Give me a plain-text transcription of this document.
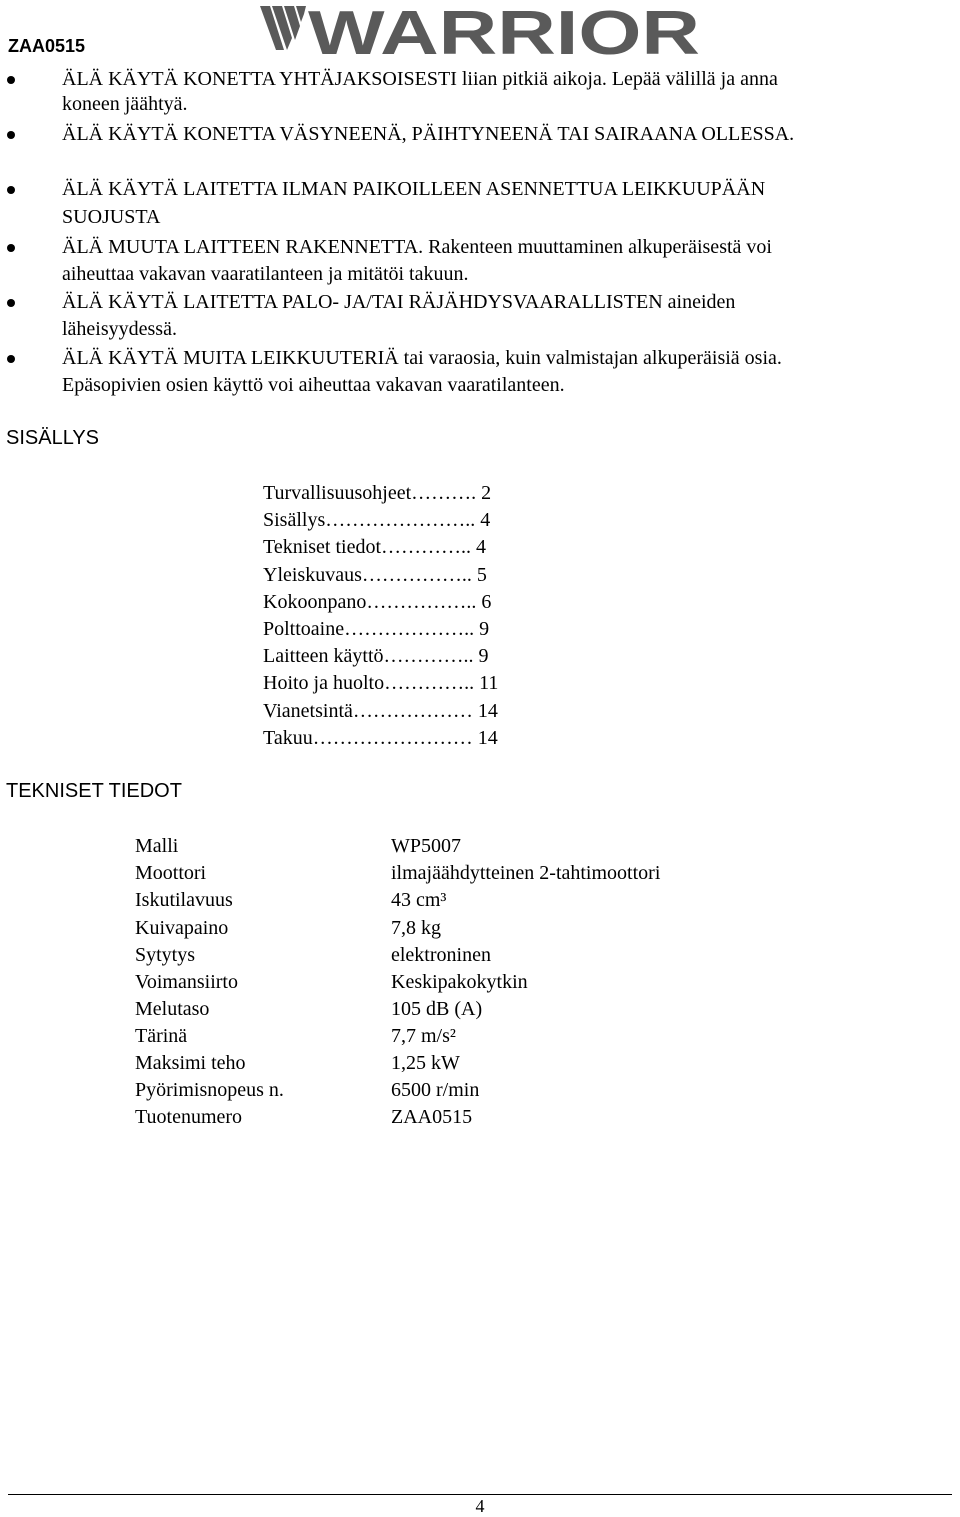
ZAA0515	WARRIOR
ÄLÄ KÄYTÄ KONETTA YHTÄJAKSOISESTI liian pitkiä aikoja. Lepää välillä ja anna
koneen jäähtyä.
ÄLÄ KÄYTÄ KONETTA VÄSYNEENÄ, PÄIHTYNEENÄ TAI SAIRAANA OLLESSA.
ÄLÄ KÄYTÄ LAITETTA ILMAN PAIKOILLEEN ASENNETTUA LEIKKUUPÄÄN
SUOJUSTA
ÄLÄ MUUTA LAITTEEN RAKENNETTA. Rakenteen muuttaminen alkuperäisestä voi
aiheuttaa vakavan vaaratilanteen ja mitätöi takuun.
ÄLÄ KÄYTÄ LAITETTA PALO- JA/TAI RÄJÄHDYSVAARALLISTEN aineiden
läheisyydessä.
ÄLÄ KÄYTÄ MUITA LEIKKUUTERIÄ tai varaosia, kuin valmistajan alkuperäisiä osia.
Epäsopivien osien käyttö voi aiheuttaa vakavan vaaratilanteen.
SISÄLLYS
Turvallisuusohjeet………. 2
Sisällys………………….. 4
Tekniset tiedot………….. 4
Yleiskuvaus…………….. 5
Kokoonpano…………….. 6
Polttoaine……………….. 9
Laitteen käyttö………….. 9
Hoito ja huolto………….. 11
Vianetsintä……………… 14
Takuu…………………… 14
TEKNISET TIEDOT
Malli	WP5007
Moottori	ilmajäähdytteinen 2-tahtimoottori
Iskutilavuus	43 cm³
Kuivapaino	7,8 kg
Sytytys	elektroninen
Voimansiirto	Keskipakokytkin
Melutaso	105 dB (A)
Tärinä	7,7 m/s²
Maksimi teho	1,25 kW
Pyörimisnopeus n.	6500 r/min
Tuotenumero	ZAA0515
4
